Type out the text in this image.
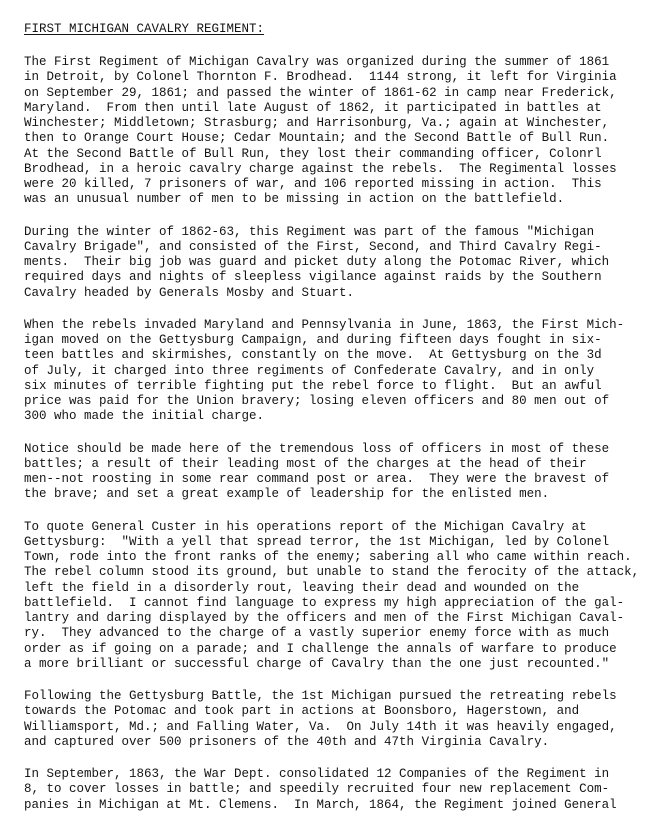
FIRST MICHIGAN CAVALRY REGIMENT:
The First Regiment of Michigan Cavalry was organized during the summer of 1861
in Detroit, by Colonel Thornton F. Brodhead.  1144 strong, it left for Virginia
on September 29, 1861; and passed the winter of 1861-62 in camp near Frederick,
Maryland.  From then until late August of 1862, it participated in battles at
Winchester; Middletown; Strasburg; and Harrisonburg, Va.; again at Winchester,
then to Orange Court House; Cedar Mountain; and the Second Battle of Bull Run.
At the Second Battle of Bull Run, they lost their commanding officer, Colonrl
Brodhead, in a heroic cavalry charge against the rebels.  The Regimental losses
were 20 killed, 7 prisoners of war, and 106 reported missing in action.  This
was an unusual number of men to be missing in action on the battlefield.
During the winter of 1862-63, this Regiment was part of the famous "Michigan
Cavalry Brigade", and consisted of the First, Second, and Third Cavalry Regi-
ments.  Their big job was guard and picket duty along the Potomac River, which
required days and nights of sleepless vigilance against raids by the Southern
Cavalry headed by Generals Mosby and Stuart.
When the rebels invaded Maryland and Pennsylvania in June, 1863, the First Mich-
igan moved on the Gettysburg Campaign, and during fifteen days fought in six-
teen battles and skirmishes, constantly on the move.  At Gettysburg on the 3d
of July, it charged into three regiments of Confederate Cavalry, and in only
six minutes of terrible fighting put the rebel force to flight.  But an awful
price was paid for the Union bravery; losing eleven officers and 80 men out of
300 who made the initial charge.
Notice should be made here of the tremendous loss of officers in most of these
battles; a result of their leading most of the charges at the head of their
men--not roosting in some rear command post or area.  They were the bravest of
the brave; and set a great example of leadership for the enlisted men.
To quote General Custer in his operations report of the Michigan Cavalry at
Gettysburg:  "With a yell that spread terror, the 1st Michigan, led by Colonel
Town, rode into the front ranks of the enemy; sabering all who came within reach.
The rebel column stood its ground, but unable to stand the ferocity of the attack,
left the field in a disorderly rout, leaving their dead and wounded on the
battlefield.  I cannot find language to express my high appreciation of the gal-
lantry and daring displayed by the officers and men of the First Michigan Caval-
ry.  They advanced to the charge of a vastly superior enemy force with as much
order as if going on a parade; and I challenge the annals of warfare to produce
a more brilliant or successful charge of Cavalry than the one just recounted."
Following the Gettysburg Battle, the 1st Michigan pursued the retreating rebels
towards the Potomac and took part in actions at Boonsboro, Hagerstown, and
Williamsport, Md.; and Falling Water, Va.  On July 14th it was heavily engaged,
and captured over 500 prisoners of the 40th and 47th Virginia Cavalry.
In September, 1863, the War Dept. consolidated 12 Companies of the Regiment in
8, to cover losses in battle; and speedily recruited four new replacement Com-
panies in Michigan at Mt. Clemens.  In March, 1864, the Regiment joined General
